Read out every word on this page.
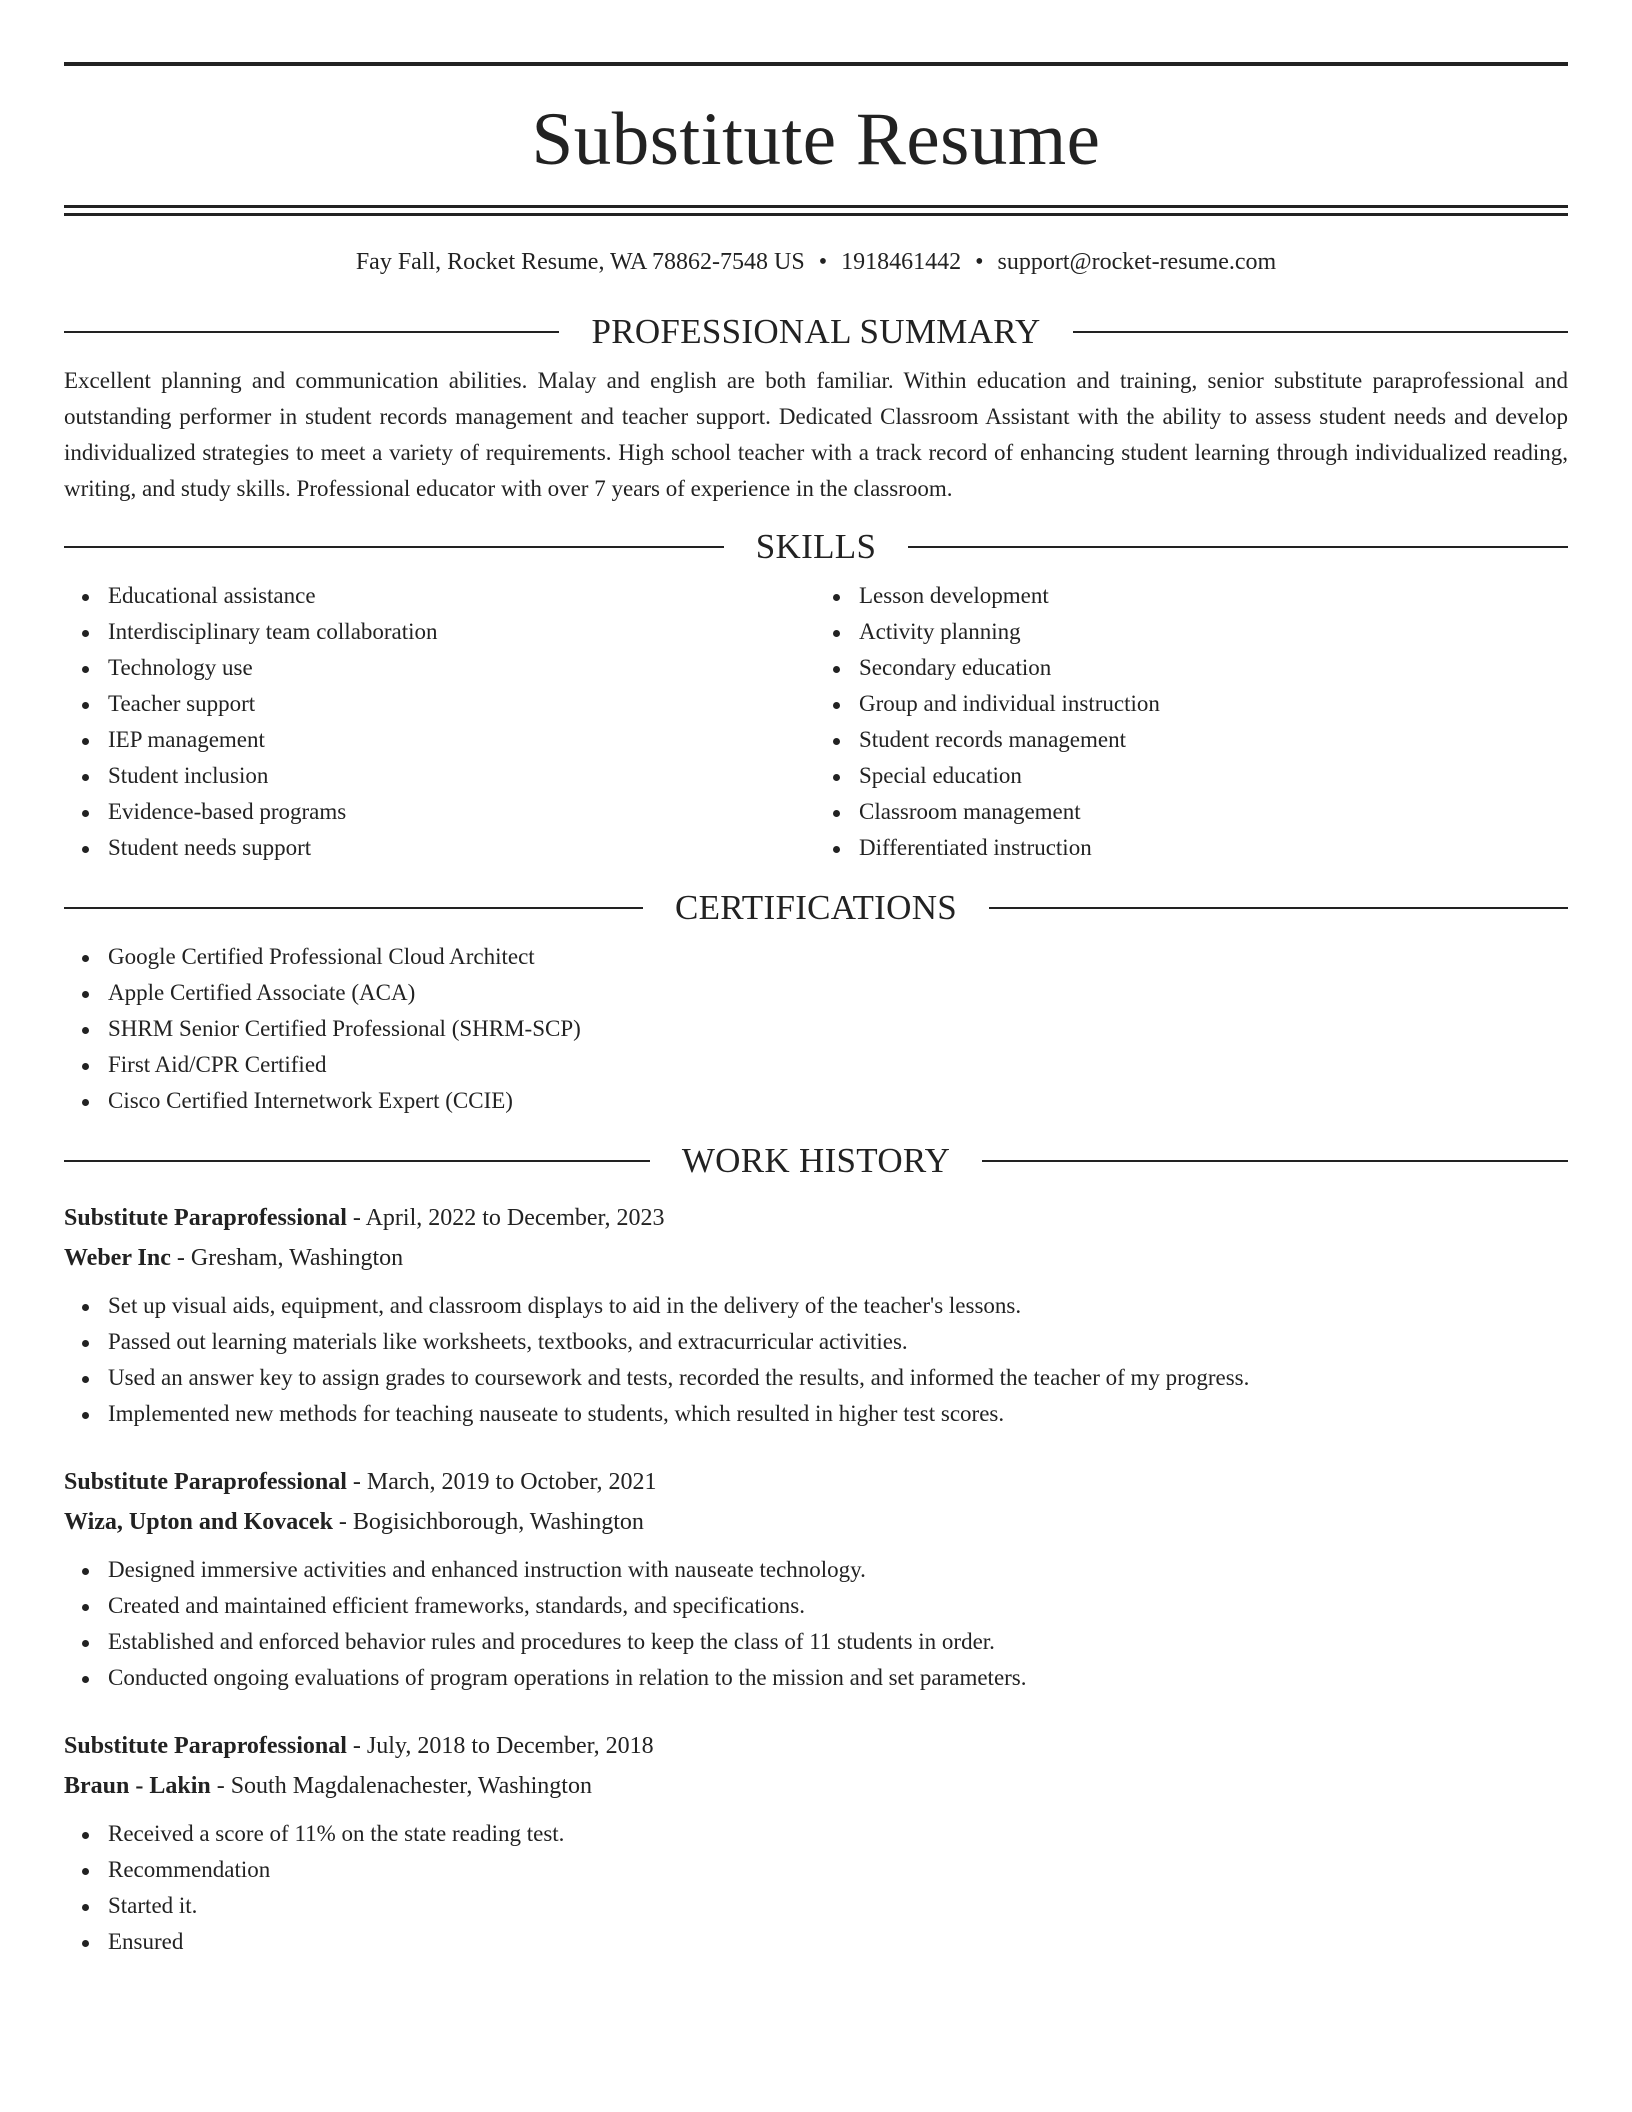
Substitute Resume
Fay Fall, Rocket Resume, WA 78862-7548 US • 1918461442 • support@rocket-resume.com
PROFESSIONAL SUMMARY

Excellent planning and communication abilities. Malay and english are both familiar. Within education and training, senior substitute paraprofessional and outstanding performer in student records management and teacher support. Dedicated Classroom Assistant with the ability to assess student needs and develop individualized strategies to meet a variety of requirements. High school teacher with a track record of enhancing student learning through individualized reading, writing, and study skills. Professional educator with over 7 years of experience in the classroom.

SKILLS
Educational assistance
Interdisciplinary team collaboration
Technology use
Teacher support
IEP management
Student inclusion
Evidence-based programs
Student needs support
Lesson development
Activity planning
Secondary education
Group and individual instruction
Student records management
Special education
Classroom management
Differentiated instruction
CERTIFICATIONS
Google Certified Professional Cloud Architect
Apple Certified Associate (ACA)
SHRM Senior Certified Professional (SHRM-SCP)
First Aid/CPR Certified
Cisco Certified Internetwork Expert (CCIE)
WORK HISTORY

Substitute Paraprofessional - April, 2022 to December, 2023

Weber Inc - Gresham, Washington

Set up visual aids, equipment, and classroom displays to aid in the delivery of the teacher's lessons.
Passed out learning materials like worksheets, textbooks, and extracurricular activities.
Used an answer key to assign grades to coursework and tests, recorded the results, and informed the teacher of my progress.
Implemented new methods for teaching nauseate to students, which resulted in higher test scores.

Substitute Paraprofessional - March, 2019 to October, 2021

Wiza, Upton and Kovacek - Bogisichborough, Washington

Designed immersive activities and enhanced instruction with nauseate technology.
Created and maintained efficient frameworks, standards, and specifications.
Established and enforced behavior rules and procedures to keep the class of 11 students in order.
Conducted ongoing evaluations of program operations in relation to the mission and set parameters.

Substitute Paraprofessional - July, 2018 to December, 2018

Braun - Lakin - South Magdalenachester, Washington

Received a score of 11% on the state reading test.
Recommendation
Started it.
Ensured
